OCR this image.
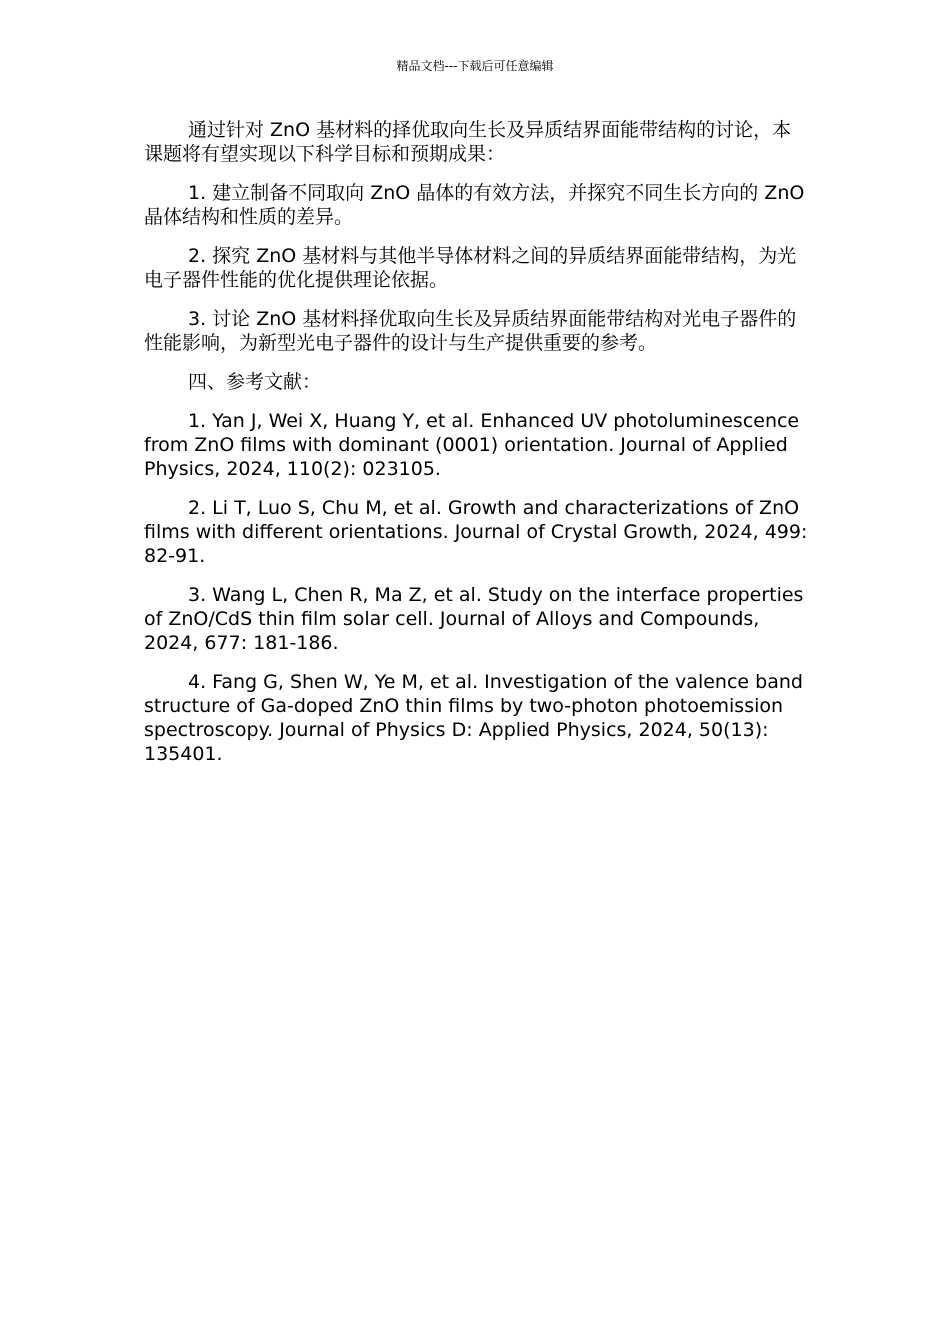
精品文档---下载后可任意编辑

通过针对 ZnO 基材料的择优取向生长及异质结界面能带结构的讨论，本课题将有望实现以下科学目标和预期成果：

1. 建立制备不同取向 ZnO 晶体的有效方法，并探究不同生长方向的 ZnO 晶体结构和性质的差异。

2. 探究 ZnO 基材料与其他半导体材料之间的异质结界面能带结构，为光电子器件性能的优化提供理论依据。

3. 讨论 ZnO 基材料择优取向生长及异质结界面能带结构对光电子器件的性能影响，为新型光电子器件的设计与生产提供重要的参考。

四、参考文献：

1. Yan J, Wei X, Huang Y, et al. Enhanced UV photoluminescence from ZnO films with dominant (0001) orientation. Journal of Applied Physics, 2024, 110(2): 023105.

2. Li T, Luo S, Chu M, et al. Growth and characterizations of ZnO films with different orientations. Journal of Crystal Growth, 2024, 499: 82-91.

3. Wang L, Chen R, Ma Z, et al. Study on the interface properties of ZnO/CdS thin film solar cell. Journal of Alloys and Compounds, 2024, 677: 181-186.

4. Fang G, Shen W, Ye M, et al. Investigation of the valence band structure of Ga-doped ZnO thin films by two-photon photoemission spectroscopy. Journal of Physics D: Applied Physics, 2024, 50(13): 135401.
